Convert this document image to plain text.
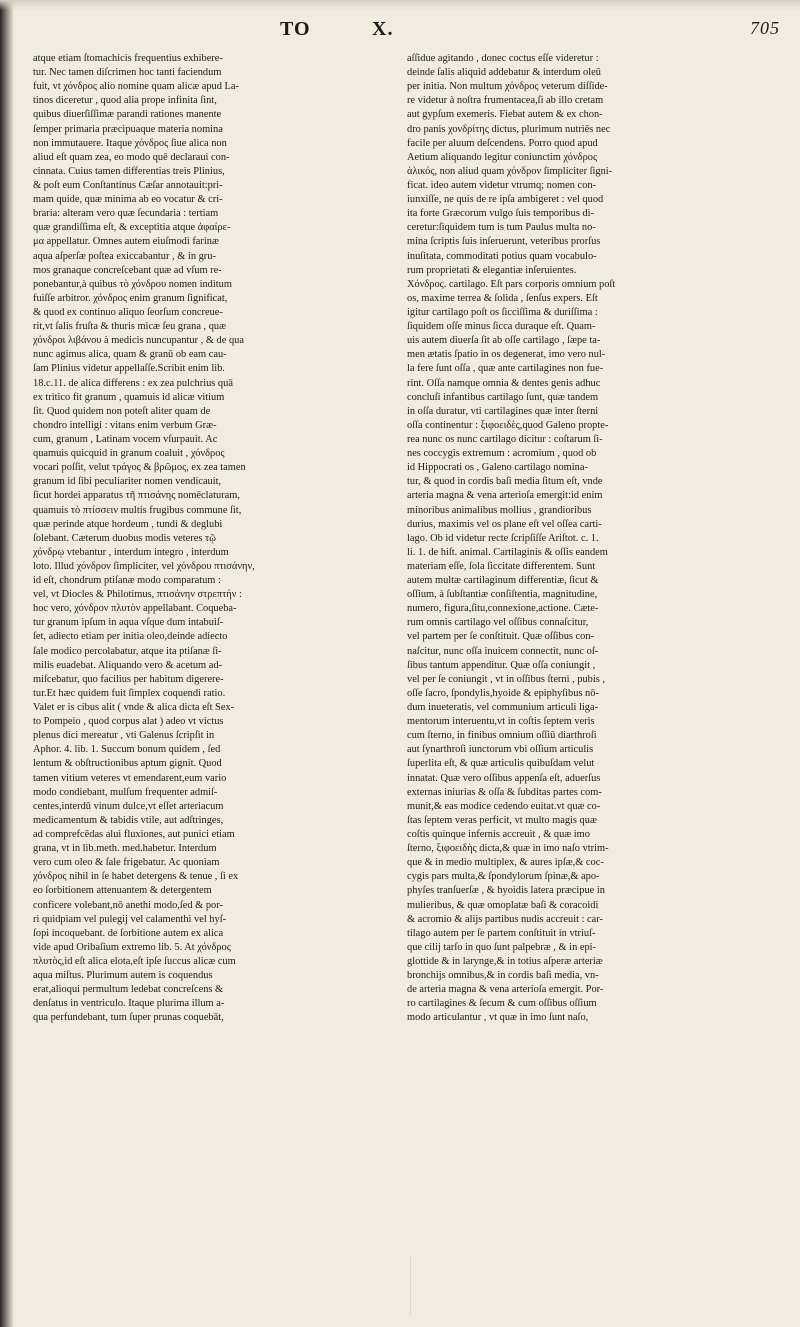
TO	X.	705
atque etiam ſtomachicis frequentius exhibere-
tur. Nec tamen diſcrimen hoc tanti faciendum
fuit, vt χόνδρος alio nomine quam alicæ apud La-
tinos diceretur , quod alia prope infinita ſint,
quibus diuerſiſſimæ parandi rationes manente
ſemper primaria præcipuaque materia nomina
non immutauere. Itaque χόνδρος ſiue alica non
aliud eſt quam zea, eo modo quē declaraui con-
cinnata. Cuius tamen differentias treis Plinius,
& poſt eum Conſtantinus Cæſar annotauit:pri-
mam quide, quæ minima ab eo vocatur & cri-
braria: alteram vero quæ ſecundaria : tertiam
quæ grandiſſima eſt, & exceptitia atque ἀφαίρε-
μα appellatur. Omnes autem eiuſmodi farinæ
aqua aſperſæ poſtea exiccabantur , & in gru-
mos granaque concreſcebant quæ ad vſum re-
ponebantur,à quibus τὸ χόνδρου nomen inditum
fuiſſe arbitror. χόνδρος enim granum ſignificat,
& quod ex continuo aliquo ſeorſum concreue-
rit,vt ſalis fruſta & thuris micæ ſeu grana , quæ
χόνδροι λιβάνου à medicis nuncupantur , & de qua
nunc agimus alica, quam & granū ob eam cau-
ſam Plinius videtur appellaſſe.Scribit enim lib.
18.c.11. de alica differens : ex zea pulchrius quā
ex tritico fit granum , quamuis id alicæ vitium
ſit. Quod quidem non poteſt aliter quam de
chondro intelligi : vitans enim verbum Græ-
cum, granum , Latinam vocem vſurpauit. Ac
quamuis quicquid in granum coaluit , χόνδρος
vocari poſſit, velut τράγος & βρῶμος, ex zea tamen
granum id ſibi peculiariter nomen vendicauit,
ſicut hordei apparatus τῆ πτισάνης nomēclaturam,
quamuis τὸ πτίσσειν multis frugibus commune ſit,
quæ perinde atque hordeum , tundi & deglubi
ſolebant. Cæterum duobus modis veteres τῷ
χόνδρῳ vtebantur , interdum integro , interdum
loto. Illud χόνδρον ſimpliciter, vel χόνδρου πτισάνην,
id eſt, chondrum ptiſanæ modo comparatum :
vel, vt Diocles & Philotimus, πτισάνην στρεπτήν :
hoc vero, χόνδρον πλυτὸν appellabant. Coqueba-
tur granum ipſum in aqua vſque dum intabuiſ-
ſet, adiecto etiam per initia oleo,deinde adiecto
ſale modico percolabatur, atque ita ptiſanæ ſi-
milis euadebat. Aliquando vero & acetum ad-
miſcebatur, quo facilius per habitum digerere-
tur.Et hæc quidem fuit ſimplex coquendi ratio.
Valet er is cibus alit ( vnde & alica dicta eſt Sex-
to Pompeio , quod corpus alat ) adeo vt victus
plenus dici mereatur , vti Galenus ſcripſit in
Aphor. 4. lib. 1. Succum bonum quidem , ſed
lentum & obſtructionibus aptum gignit. Quod
tamen vitium veteres vt emendarent,eum vario
modo condiebant, mulſum frequenter admiſ-
centes,interdū vinum dulce,vt eſſet arteriacum
medicamentum & tabidis vtile, aut adſtringes,
ad comprefcēdas alui fluxiones, aut punici etiam
grana, vt in lib.meth. med.habetur. Interdum
vero cum oleo & ſale frigebatur. Ac quoniam
χόνδρος nihil in ſe habet detergens & tenue , ſi ex
eo ſorbitionem attenuantem & detergentem
conficere volebant,nō anethi modo,ſed & por-
ri quidpiam vel pulegij vel calamenthi vel hyſ-
ſopi incoquebant. de ſorbitione autem ex alica
vide apud Oribaſium extremo lib. 5. At χόνδρος
πλυτὸς,id eſt alica elota,eſt ipſe ſuccus alicæ cum
aqua miſtus. Plurimum autem is coquendus
erat,alioqui permultum ledebat concreſcens &
denſatus in ventriculo. Itaque plurima illum a-
qua perfundebant, tum ſuper prunas coquebāt,
aſſidue agitando , donec coctus eſſe videretur :
deinde ſalis aliquid addebatur & interdum oleū
per initia. Non multum χόνδρος veterum diſſide-
re videtur à noſtra frumentacea,ſi ab illo cretam
aut gypſum exemeris. Fiebat autem & ex chon-
dro panis χονδρίτης dictus, plurimum nutriēs nec
facile per aluum deſcendens. Porro quod apud
Aetium aliquando legitur coniunctim χόνδρος
ἁλικός, non aliud quam χόνδρον ſimpliciter ſigni-
ficat. ideo autem videtur vtrumq; nomen con-
iunxiſſe, ne quis de re ipſa ambigeret : vel quod
ita forte Græcorum vulgo ſuis temporibus di-
ceretur:ſiquidem tum is tum Paulus multa no-
mina ſcriptis ſuis inſeruerunt, veteribus prorſus
inuſitata, commoditati potius quam vocabulo-
rum proprietati & elegantiæ inſeruientes.
Χόνδρος. cartilago. Eſt pars corporis omnium poſt
os, maxime terrea & ſolida , ſenſus expers. Eſt
igitur cartilago poſt os ſicciſſima & duriſſima :
ſiquidem oſſe minus ſicca duraque eſt. Quam-
uis autem diuerſa ſit ab oſſe cartilago , ſæpe ta-
men ætatis ſpatio in os degenerat, imo vero nul-
la fere ſunt oſſa , quæ ante cartilagines non fue-
rint. Oſſa namque omnia & dentes genis adhuc
concluſi infantibus cartilago ſunt, quæ tandem
in oſſa duratur, vti cartilagines quæ inter ſterni
oſſa continentur : ξιφοειδὲς,quod Galeno propte-
rea nunc os nunc cartilago dicitur : coſtarum ſi-
nes coccygis extremum : acromium , quod ob
id Hippocrati os , Galeno cartilago nomina-
tur, & quod in cordis baſi media ſitum eſt, vnde
arteria magna & vena arterioſa emergit:id enim
minoribus animalibus mollius , grandioribus
durius, maximis vel os plane eſt vel oſſea carti-
lago. Ob id videtur recte ſcripſiſſe Ariſtot. c. 1.
li. 1. de hiſt. animal. Cartilaginis & oſſis eandem
materiam eſſe, ſola ſiccitate differentem. Sunt
autem multæ cartilaginum differentiæ, ſicut &
oſſium, à ſubſtantiæ conſiſtentia, magnitudine,
numero, figura,ſitu,connexione,actione. Cæte-
rum omnis cartilago vel oſſibus connaſcitur,
vel partem per ſe conſtituit. Quæ oſſibus con-
naſcitur, nunc oſſa inuicem connectit, nunc oſ-
ſibus tantum appenditur. Quæ oſſa coniungit ,
vel per ſe coniungit , vt in oſſibus ſterni , pubis ,
oſſe ſacro, ſpondylis,hyoide & epiphyſibus nō-
dum inueteratis, vel communium articuli liga-
mentorum interuentu,vt in coſtis ſeptem veris
cum ſterno, in finibus omnium oſſiū diarthroſi
aut ſynarthroſi iunctorum vbi oſſium articulis
ſuperlita eſt, & quæ articulis quibuſdam velut
innatat. Quæ vero oſſibus appenſa eſt, aduerſus
externas iniurias & oſſa & ſubditas partes com-
munit,& eas modice cedendo euitat.vt quæ co-
ſtas ſeptem veras perficit, vt multo magis quæ
coſtis quinque infernis accreuit , & quæ imo
ſterno, ξιφοειδὴς dicta,& quæ in imo naſo vtrim-
que & in medio multiplex, & aures ipſæ,& coc-
cygis pars multa,& ſpondylorum ſpinæ,& apo-
phyſes tranſuerſæ , & hyoidis latera præcipue in
mulieribus, & quæ omoplatæ baſi & coracoidi
& acromio & alijs partibus nudis accreuit : car-
tilago autem per ſe partem conſtituit in vtriuſ-
que cilij tarſo in quo ſunt palpebræ , & in epi-
glottide & in larynge,& in totius aſperæ arteriæ
bronchijs omnibus,& in cordis baſi media, vn-
de arteria magna & vena arterioſa emergit. Por-
ro cartilagines & ſecum & cum oſſibus oſſium
modo articulantur , vt quæ in imo ſunt naſo,
